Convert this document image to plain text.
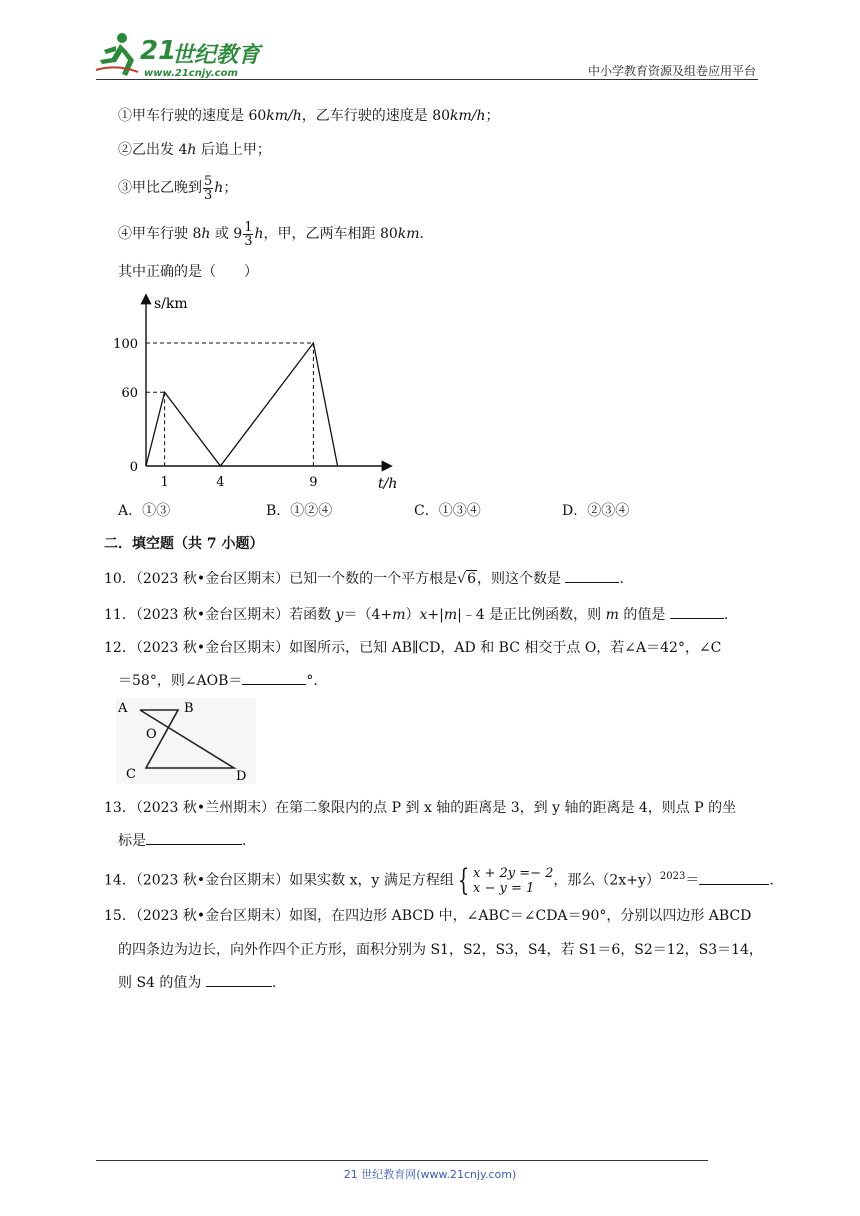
21
世纪教育
www.21cnjy.com	中小学教育资源及组卷应用平台
①甲车行驶的速度是 60km/h，乙车行驶的速度是 80km/h；
②乙出发 4h 后追上甲；
③甲比乙晚到 $\frac{5}{3}$ h；
④甲车行驶 8h 或 $9 \frac{1}{3}$ h，甲，乙两车相距 80km.
其中正确的是（　　）
s/km
t/h
100
60
0
1	4	9
A．①③	B．①②④	C．①③④	D．②③④
二．填空题（共 7 小题）
10．（2023 秋•金台区期末）已知一个数的一个平方根是√6，则这个数是	.
11．（2023 秋•金台区期末）若函数 y＝（4+m）x+|m|﹣4 是正比例函数，则 m 的值是	.
12．（2023 秋•金台区期末）如图所示，已知 AB∥CD，AD 和 BC 相交于点 O，若∠A＝42°，∠C
＝58°，则∠AOB＝	°．
A	B
O
C	D
13．（2023 秋•兰州期末）在第二象限内的点 P 到 x 轴的距离是 3，到 y 轴的距离是 4，则点 P 的坐
标是	.
14．（2023 秋•金台区期末）如果实数 x，y 满足方程组 { x + 2y =− 2
x − y = 1	，那么$(2x+y)^{2023}=$	.
15．（2023 秋•金台区期末）如图，在四边形 ABCD 中，∠ABC＝∠CDA＝90°，分别以四边形 ABCD
的四条边为边长，向外作四个正方形，面积分别为 S1，S2，S3，S4，若 S1＝6，S2＝12，S3＝14，
则 S4 的值为	.
21 世纪教育网(www.21cnjy.com)
